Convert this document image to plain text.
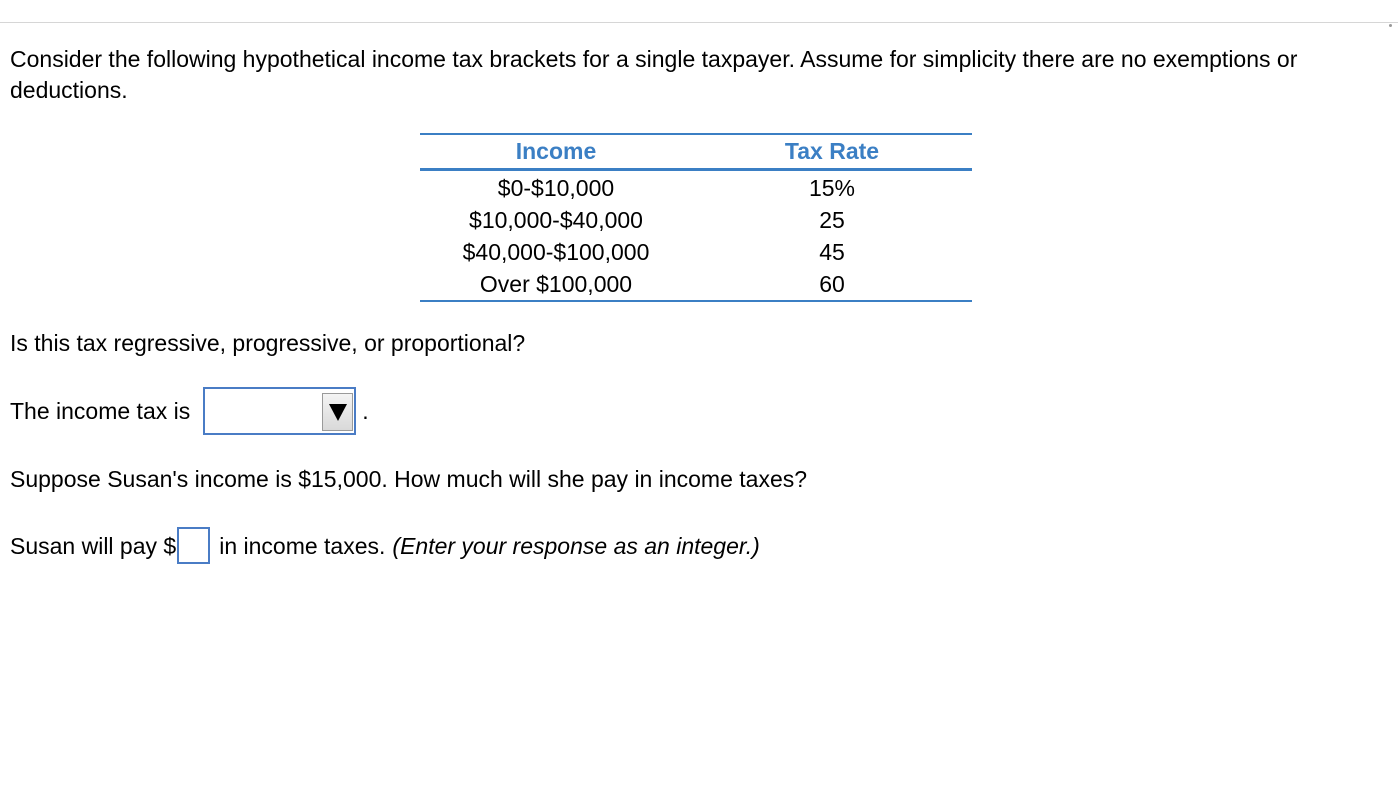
Consider the following hypothetical income tax brackets for a single taxpayer. Assume for simplicity there are no exemptions or deductions.
Income	Tax Rate
$0-$10,000	15%
$10,000-$40,000	25
$40,000-$100,000	45
Over $100,000	60
Is this tax regressive, progressive, or proportional?
The income tax is	.
Suppose Susan's income is $15,000. How much will she pay in income taxes?
Susan will pay $ in income taxes. (Enter your response as an integer.)
